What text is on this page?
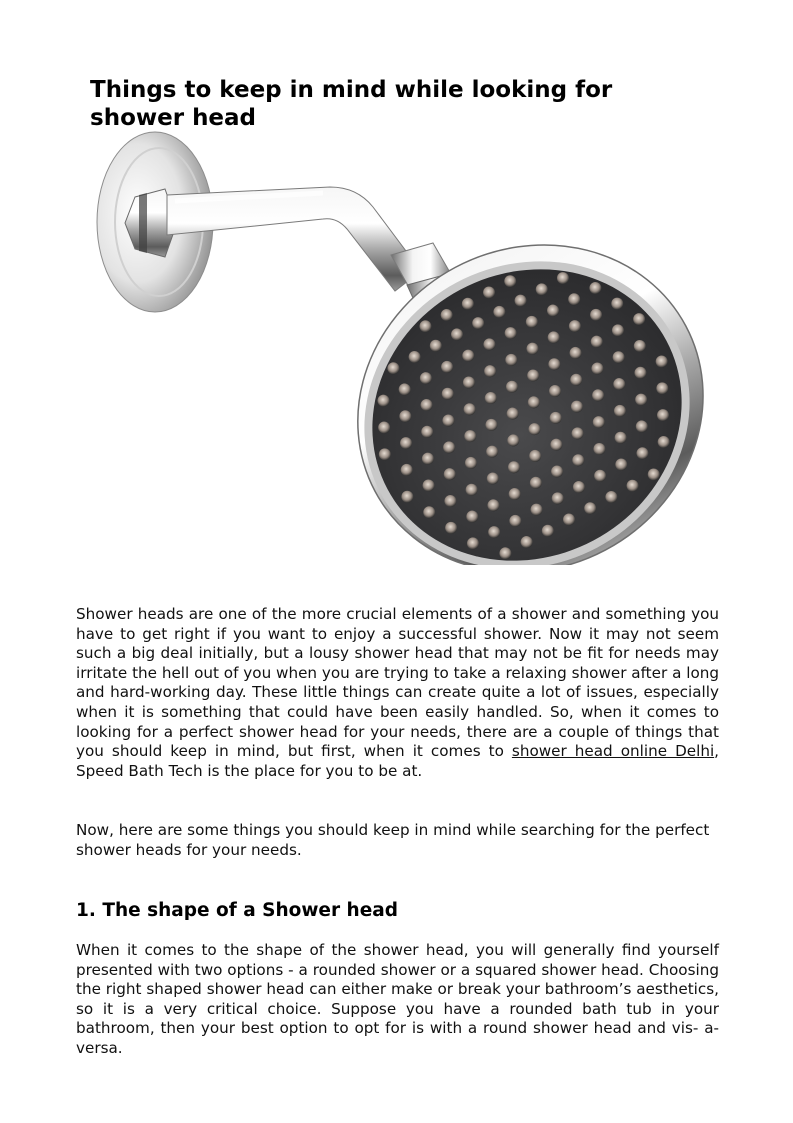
Things to keep in mind while looking for shower head

Shower heads are one of the more crucial elements of a shower and something you have to get right if you want to enjoy a successful shower. Now it may not seem such a big deal initially, but a lousy shower head that may not be fit for needs may irritate the hell out of you when you are trying to take a relaxing shower after a long and hard-working day. These little things can create quite a lot of issues, especially when it is something that could have been easily handled. So, when it comes to looking for a perfect shower head for your needs, there are a couple of things that you should keep in mind, but first, when it comes to shower head online Delhi, Speed Bath Tech is the place for you to be at.

Now, here are some things you should keep in mind while searching for the perfect
shower heads for your needs.

1. The shape of a Shower head

When it comes to the shape of the shower head, you will generally find yourself presented with two options - a rounded shower or a squared shower head. Choosing the right shaped shower head can either make or break your bathroom’s aesthetics, so it is a very critical choice. Suppose you have a rounded bath tub in your bathroom, then your best option to opt for is with a round shower head and vis- a-versa.
